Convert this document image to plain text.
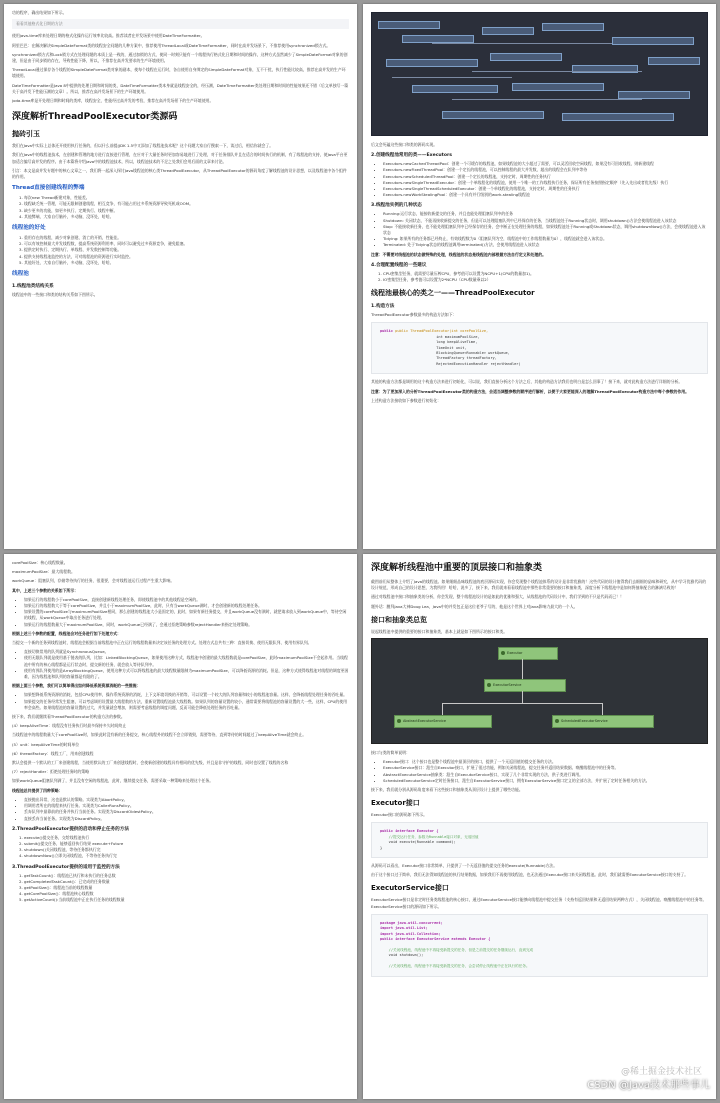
功的程序，确出结果如下所示。

看看其他格式化日期的方法

使用java-time库来处理日期的格式化操作运行效率比较高。推荐读者在并发场景中使用DateTimeFormatter。

阿里巴巴：在解决解决SimpleDateFormat类的线程安全问题的几种方案中，推荐使用ThreadLocal或DateTimeFormatter，同时在高并发场景下，不推荐使用synchronized锁方式。

synchronized锁方式和Lock锁方式在处理问题的本质上是一致的，通过加锁的方式，使同一时刻只能有一个线程执行格式化日期和时间的操作，这种方式虽然减少了SimpleDateFormat对象的创建，但是由于同步锁的存在，导致性能下降，所以，不推荐在高并发要求的生产环境使用。

ThreadLocal通过保存各个线程的SimpleDateFormat类对象的副本，使每个线程在运行时，各自使用自身绑定的SimpleDateFormat对象，互不干扰，执行性能比较高，推荐在高并发的生产环境使用。

DateTimeFormatter是Java 8中提供的处理日期和时间的类，DateTimeFormatter类本身就是线程安全的，经压测，DateTimeFormatter类处理日期和时间的性能效果还不错（后文单独写一篇关于高并发下性能压测的文章）。所以，推荐在高并发场景下的生产环境使用。

joda-time库是开处理日期和时间的类库，线程安全，性能经过高并发的考验，推荐在高并发场景下的生产环境使用。

深度解析ThreadPoolExecutor类源码
抛砖引玉

我们在Java中实际上总体还开使用执行任务的，但以什么前提(JDK 1.5中又添加了线程池技术呢？这个问题大家自行搜索一下，读过后，相信你就会了。

我们在Java中的线程池技术，在创建和管理的地方进行直接进行管理，在应对于大量任务时更加容易地进行了处理，对于任务排队并且在适合的时间执行的机制，有了线程池的支持，使Java平台更加适合编写高并发的程序。由于本篇将介绍Java中的线程池技术，所以，线程池技术的不足之处我们会用后面的文章来讨论。

引言：本文是高并发专题中的核心文章之一，我们将一起深入探讨Java线程池的核心类ThreadPoolExecutor，从ThreadPoolExecutor的源码角度了解线程池的设计思想，以及线程池中各个组件的作用。

Thread直接创建线程的弊端
1. 每次new Thread新建对象，性能差。
2. 线程缺乏统一管理，可能无限制创建线程，相互竞争，有可能占用过多系统资源导致死机或OOM。
3. 缺少更多的功能，如更多执行、定期执行、线程中断。
4. 其他弊端，大家自行脑补，多动脑，没坏处，哈哈。
线程池的好处
1. 重用存在的线程，减少对象创建、消亡的开销，性能佳。
2. 可以有效控制最大并发线程数，提高系统资源利用率，同时可以避免过多资源竞争，避免阻塞。
3. 提供定时执行、定期执行、单线程、并发数控制等功能。
4. 提供支持线程池监控的方法，可对线程池的资源进行实时监控。
5. 其他好处，大家自行脑补，多动脑，没坏处，哈哈。
线程池
1.线程池类结构关系

线程池中的一些接口和类的结构关系如下图所示。

后文会死磕这些接口和类的源码实现。

2.创建线程池常用的类——Executors
• Executors.newCachedThreadPool：创建一个可缓存的线程池，如果线程池的大小超过了需要，可以灵活回收空闲线程，如果没有可回收线程，则新建线程
• Executors.newFixedThreadPool：创建一个定长的线程池，可以控制线程的最大并发数，超出的线程会在队列中等待
• Executors.newScheduledThreadPool：创建一个定长的线程池，支持定时、周期性的任务执行
• Executors.newSingleThreadExecutor：创建一个单线程化的线程池，使用一个唯一的工作线程执行任务，保证所有任务按照指定顺序（先入先出或者优先级）执行
• Executors.newSingleThreadScheduledExecutor：创建一个单线程化的线程池，支持定时、周期性的任务执行
• Executors.newWorkStealingPool：创建一个具有并行级别的work-stealing线程池
3.线程池实例的几种状态
• Running:运行状态，能接收新提交的任务，并且也能处理阻塞队列中的任务
• Shutdown: 关闭状态，不能再接收新提交的任务，但是可以处理阻塞队列中已经保存的任务，当线程池处于Running状态时，调用shutdown()方法会使线程池进入该状态
• Stop: 不能接收新任务，也不能处理阻塞队列中已经保存的任务，会中断正在处理任务的线程，如果线程池处于Running或Shutdown状态，调用shutdownNow()方法，会使线程池进入该状态
• Tidying: 如果所有的任务都已经终止，有效线程数为0（阻塞队列为空，线程池中的工作线程数量为0），线程池就会进入该状态。
• Terminated: 处于Tidying状态的线程池调用terminated()方法，会使用线程池进入该状态

注意：不需要对线程池的状态做特殊的处理，线程池的状态是线程池内部根据方法自行定义和处理的。

4.合理配置线程的一些建议
1. CPU密集型任务，就需要尽量压榨CPU，参考值可以设置为NCPU+1(CPU的数量加1)。
2. IO密集型任务，参考值可以设置为2*NCPU（CPU数量乘以2）
线程池最核心的类之一——ThreadPoolExecutor
1.构造方法

ThreadPoolExecutor参数最多的构造方法如下：

public public ThreadPoolExecutor(int corePoolSize,
int maximumPoolSize,
long keepAliveTime,
TimeUnit unit,
BlockingQueue<Runnable> workQueue,
ThreadFactory threadFactory,
RejectedExecutionHandler rejectHandler)

其他的构造方法都是调用的这个构造方法来进行初始化，可以说，我们直接分析这个方法之后，其他的构造方法我们也明白是怎么回事了！接下来，就对此构造方法进行详细的分析。

注意：为了更加深入的分析ThreadPoolExecutor类的构造方法，会适当调整参数的顺序进行解析，以便于大家更能深入的理解ThreadPoolExecutor构造方法中每个参数的作用。

上述构造方法接收如下参数进行初始化：

corePoolSize：核心线程数量。

maximumPoolSize：最大线程数。

workQueue：阻塞队列，存储等待执行的任务，很重要，会对线程池运行过程产生重大影响。

其中，上述三个参数的关系如下所示：

• 如果运行的线程数小于corePoolSize，直接创建新线程处理任务，即使线程池中的其他线程是空闲的。
• 如果运行的线程数大于等于corePoolSize，并且小于maximumPoolSize，此时，只有当workQueue满时，才会创建新的线程处理任务。
• 如果设置的corePoolSize与maximumPoolSize相同，那么创建的线程池大小是固定的，此时，如果有新任务提交，并且workQueue没有满时，就把请求放入到workQueue中，等待空闲的线程，从workQueue中取出任务进行处理。
• 如果运行的线程数量大于maximumPoolSize，同时，workQueue已经满了，会通过拒绝策略参数rejectHandler来指定处理策略。

根据上述三个参数的配置，线程池会对任务进行如下处理方式：

当提交一个新的任务到线程池时，线程池会根据当前线程池中正在运行的线程数量来决定该任务的处理方式。处理方式总共有三种：直接切换、使用无限队列、使用有界队列。

• 直接切换常用的队列就是SynchronousQueue。
• 使用无限队列就是使用基于链表的队列，比如：LinkedBlockingQueue，如果使用这种方式，线程池中创建的最大线程数就是corePoolSize，此时maximumPoolSize不会起作用。当线程池中所有的核心线程都是运行状态时，提交新的任务，就会放入等待队列中。
• 使用有界队列使用的是ArrayBlockingQueue，使用这种方式可以将线程池的最大线程数量限制为maximumPoolSize，可以降低资源的消耗。但是，这种方式使得线程池对线程的调度更困难，因为线程池和队列的容量都是有限的了。

根据上面三个参数，我们可以简单得出如何降低系统资源消耗的一些措施：

• 如果想降低系统资源的消耗，包括CPU使用率，操作系统资源的消耗，上下文环境切换的开销等，可以设置一个较大的队列容量和较小的线程池容量。这样，会降低线程处理任务的吞吐量。
• 如果提交的任务经常发生阻塞，可以考虑调用设置最大线程数的方法，重新设置线程池最大线程数。如果队列的容量设置的较小，通常需要将线程池的容量设置的大一些，这样，CPU的使用率会高些。如果线程池的容量设置的过大，并发量就会增加，则需要考虑线程的调度问题，反而可能会降低处理任务的吞吐量。

接下来，我们就继续看ThreadPoolExecutor的构造方法的参数。

(4）keepAliveTime：线程没有任务执行时最多保持多久时间终止

当线程池中的线程数量大于corePoolSize时，如果此时没有新的任务提交，核心线程外的线程不会立即销毁，需要等待，直到等待的时间超过了keepAliveTime就会终止。

(5）unit：keepAliveTime的时间单位

(6）threadFactory：线程工厂，用来创建线程

默认会提供一个默认的工厂来创建线程，当使用默认的工厂来创建线程时，会使新创建的线程具有相同的优先级，并且是非守护的线程，同时也设置了线程的名称

(7）rejectHandler：拒绝处理任务时的策略

如果workQueue阻塞队列满了，并且没有空闲的线程池，此时，继续提交任务，需要采取一种策略来处理这个任务。

线程池总共提供了四种策略：

• 直接抛出异常，这也是默认的策略。实现类为AbortPolicy。
• 用调用者所在的线程来执行任务。实现类为CallerRunsPolicy。
• 丢弃队列中最靠前的任务并执行当前任务。实现类为DiscardOldestPolicy。
• 直接丢弃当前任务。实现类为DiscardPolicy。
2.ThreadPoolExecutor提供的启动和停止任务的方法
1. execute()提交任务，交给线程池执行
2. submit()提交任务，能够返回执行结果 execute+Future
3. shutdown()关闭线程池，等待任务都执行完
4. shutdownNow()立即关闭线程池，不等待任务执行完
3.ThreadPoolExecutor提供的适用于监控的方法
1. getTaskCount()：线程池已执行和未执行的任务总数
2. getCompletedTaskCount()：已完成的任务数量
3. getPoolSize()：线程池当前的线程数量
4. getCorePoolSize()：线程池核心线程数
5. getActiveCount():当前线程池中正在执行任务的线程数量
深度解析线程池中重要的顶层接口和抽象类

截图前们从整体上介绍了Java的线程池。如果细细品味线程池的底层源码实现，你会发现整个线程池体系的设计是非常优雅的！这些代码的设计值得我们去细细的品味和研究，从中学习优雅代码的设计规范，形成自己的设计思想，为我所用！哈哈，说多了，接下来，我们就来看看线程池中那些非常重要的接口和抽象类，深度分析下线程池中是如何将抽象配合的淋漓尽致的！

通过对线程池中接口和抽象类的分析，你会发现，整个线程池设计的是如此的优雅和强大，从线程池的代码设计中，我们学到的不只是代码而已！！

题外话：膜拜Java大神Doug Lea，Java中的并发包正是这位老爷子写的，他是这个世界上对Java影响力最大的一个人。

接口和抽象类总览

说起线程池中提供的重要的接口和抽象类，基本上就是如下图所示的接口和类。

Executor
ExecutorService
AbstractExecutorService	ScheduledExecutorService

接口与类的简单说明：

• Executor接口：这个接口也是整个线程池中最顶层的接口，提供了一个无返回值的提交任务的方法。
• ExecutorService接口：派生自Executor接口，扩展了很过功能，例如关闭线程池，提交任务并返回结果数据、唤醒线程池中的任务等。
• AbstractExecutorService抽象类：派生自ExecutorService接口，实现了几个非常实现的方法，供子类进行调用。
• ScheduledExecutorService定时任务接口，派生自ExecutorService接口，拥有ExecutorService接口定义的全部方法，并扩展了定时任务相关的方法。

接下来，我们就分别从源码角度来看下这些接口和抽象类从顶层设计上提供了哪些功能。

Executor接口

Executor接口的源码如下所示。

public interface Executor {
//提交运行任务，参数为Runnable接口对象，无返回值
void execute(Runnable command);
}

从源码可以看出，Executor接口非常简单，只提供了一个无返回值的提交任务的execute(Runnable)方法。

由于这个接口过于简单，我们无法得知线程池的执行结果数据，如果我们不再使用线程池，也无法通过Executor接口来关闭线程池。此时，我们就需要ExecutorService接口的支持了。

ExecutorService接口

ExecutorService接口是非定时任务类线程池的核心接口，通过ExecutorService接口能够向线程池中提交任务（支持有返回结果和无返回结果两种方式），关闭线程池、唤醒线程池中的任务等。ExecutorService接口的源码如下所示。

package java.util.concurrent;
import java.util.List;
import java.util.Collection;
public interface ExecutorService extends Executor {

//关闭线程池，线程池中不再接受新提交的任务，但是之前提交的任务继续运行，直到完成
void shutdown();

//关闭线程池，线程池中不再接受新提交的任务，会尝试停止线程池中正在执行的任务。
@稀土掘金技术社区
CSDN @Java技术那些事儿
